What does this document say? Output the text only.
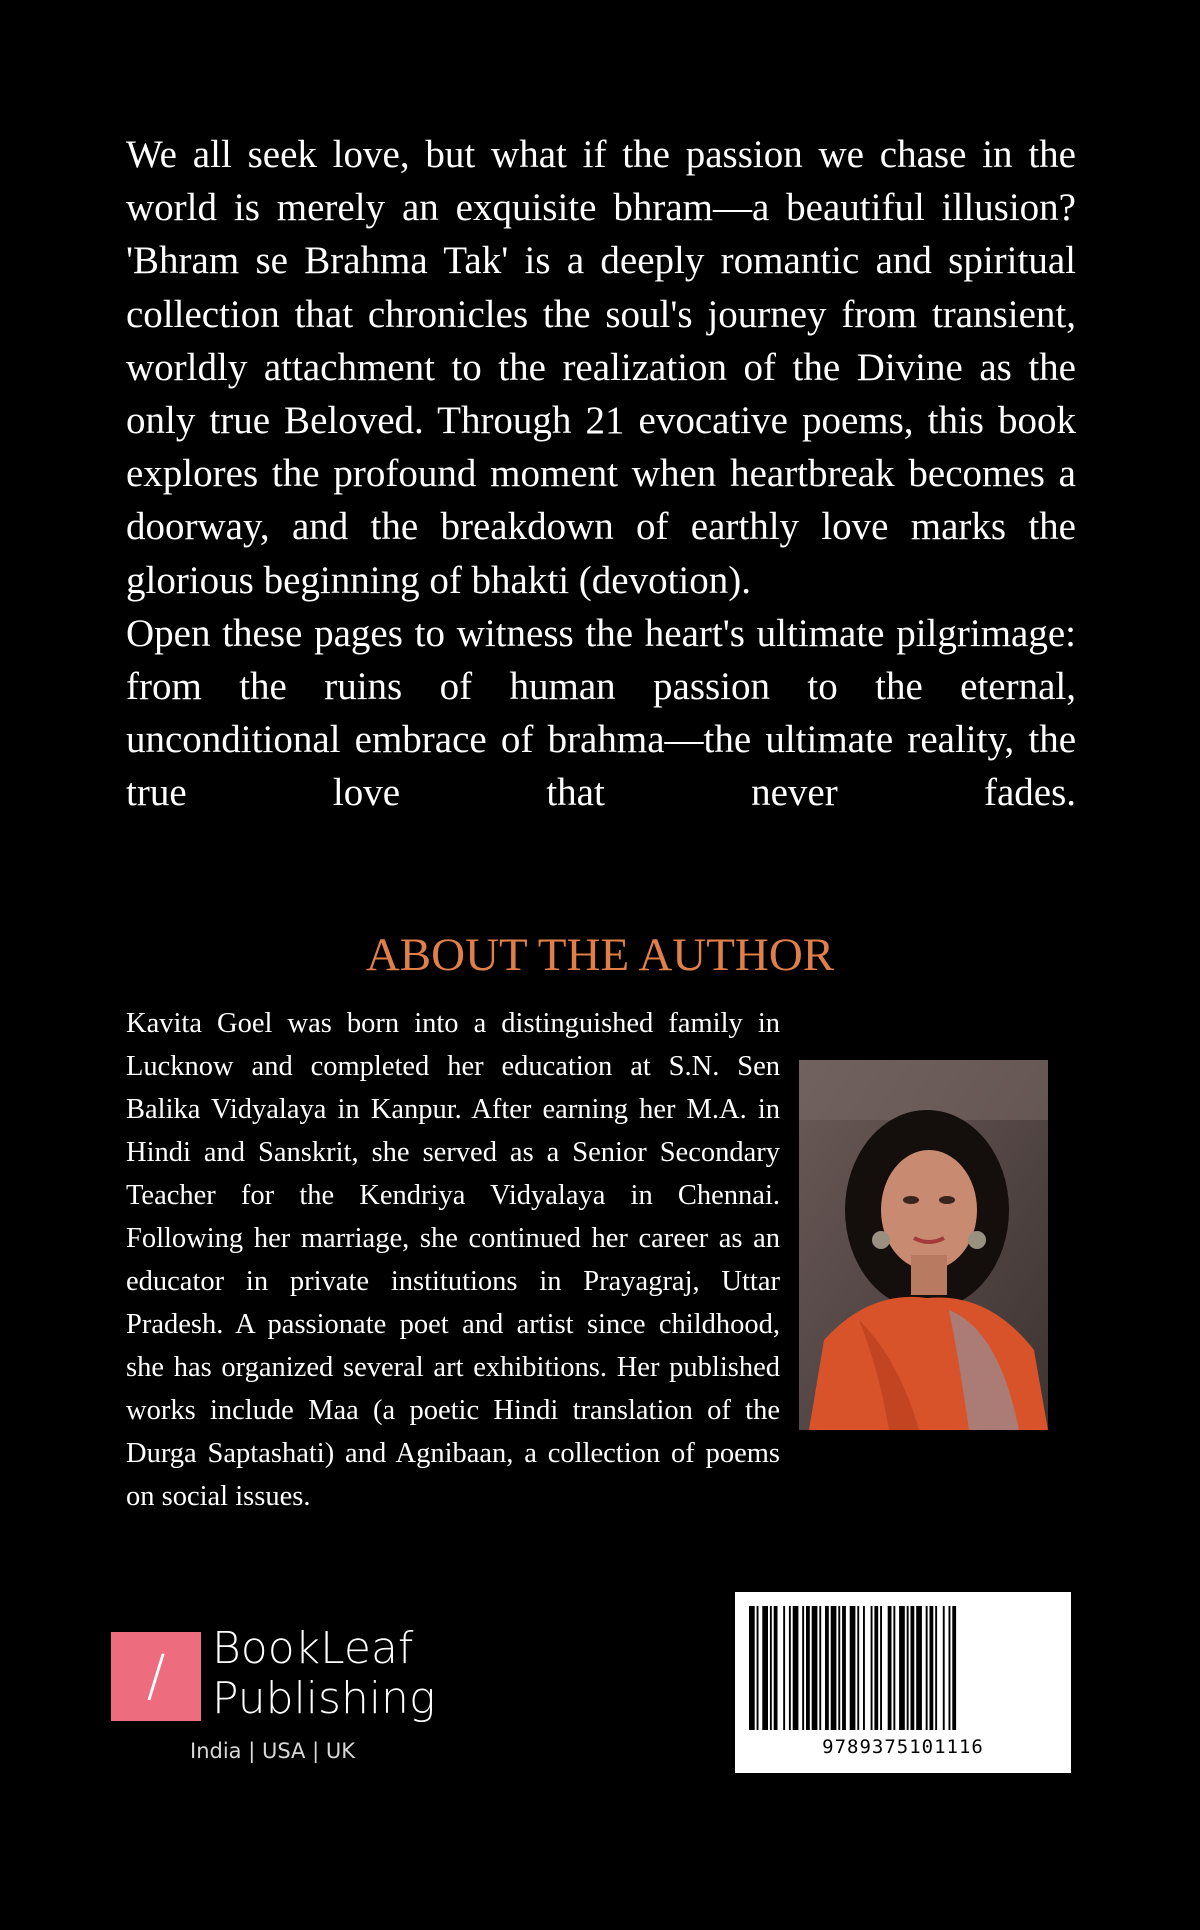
We all seek love, but what if the passion we chase in the world is merely an exquisite bhram—a beautiful illusion? 'Bhram se Brahma Tak' is a deeply romantic and spiritual collection that chronicles the soul's journey from transient, worldly attachment to the realization of the Divine as the only true Beloved. Through 21 evocative poems, this book explores the profound moment when heartbreak becomes a doorway, and the breakdown of earthly love marks the glorious beginning of bhakti (devotion).

Open these pages to witness the heart's ultimate pilgrimage: from the ruins of human passion to the eternal, unconditional embrace of brahma—the ultimate reality, the true love that never fades.

ABOUT THE AUTHOR
Kavita Goel was born into a distinguished family in Lucknow and completed her education at S.N. Sen Balika Vidyalaya in Kanpur. After earning her M.A. in Hindi and Sanskrit, she served as a Senior Secondary Teacher for the Kendriya Vidyalaya in Chennai. Following her marriage, she continued her career as an educator in private institutions in Prayagraj, Uttar Pradesh. A passionate poet and artist since childhood, she has organized several art exhibitions. Her published works include Maa (a poetic Hindi translation of the Durga Saptashati) and Agnibaan, a collection of poems on social issues.
/	BookLeaf
Publishing
India | USA | UK	9789375101116
